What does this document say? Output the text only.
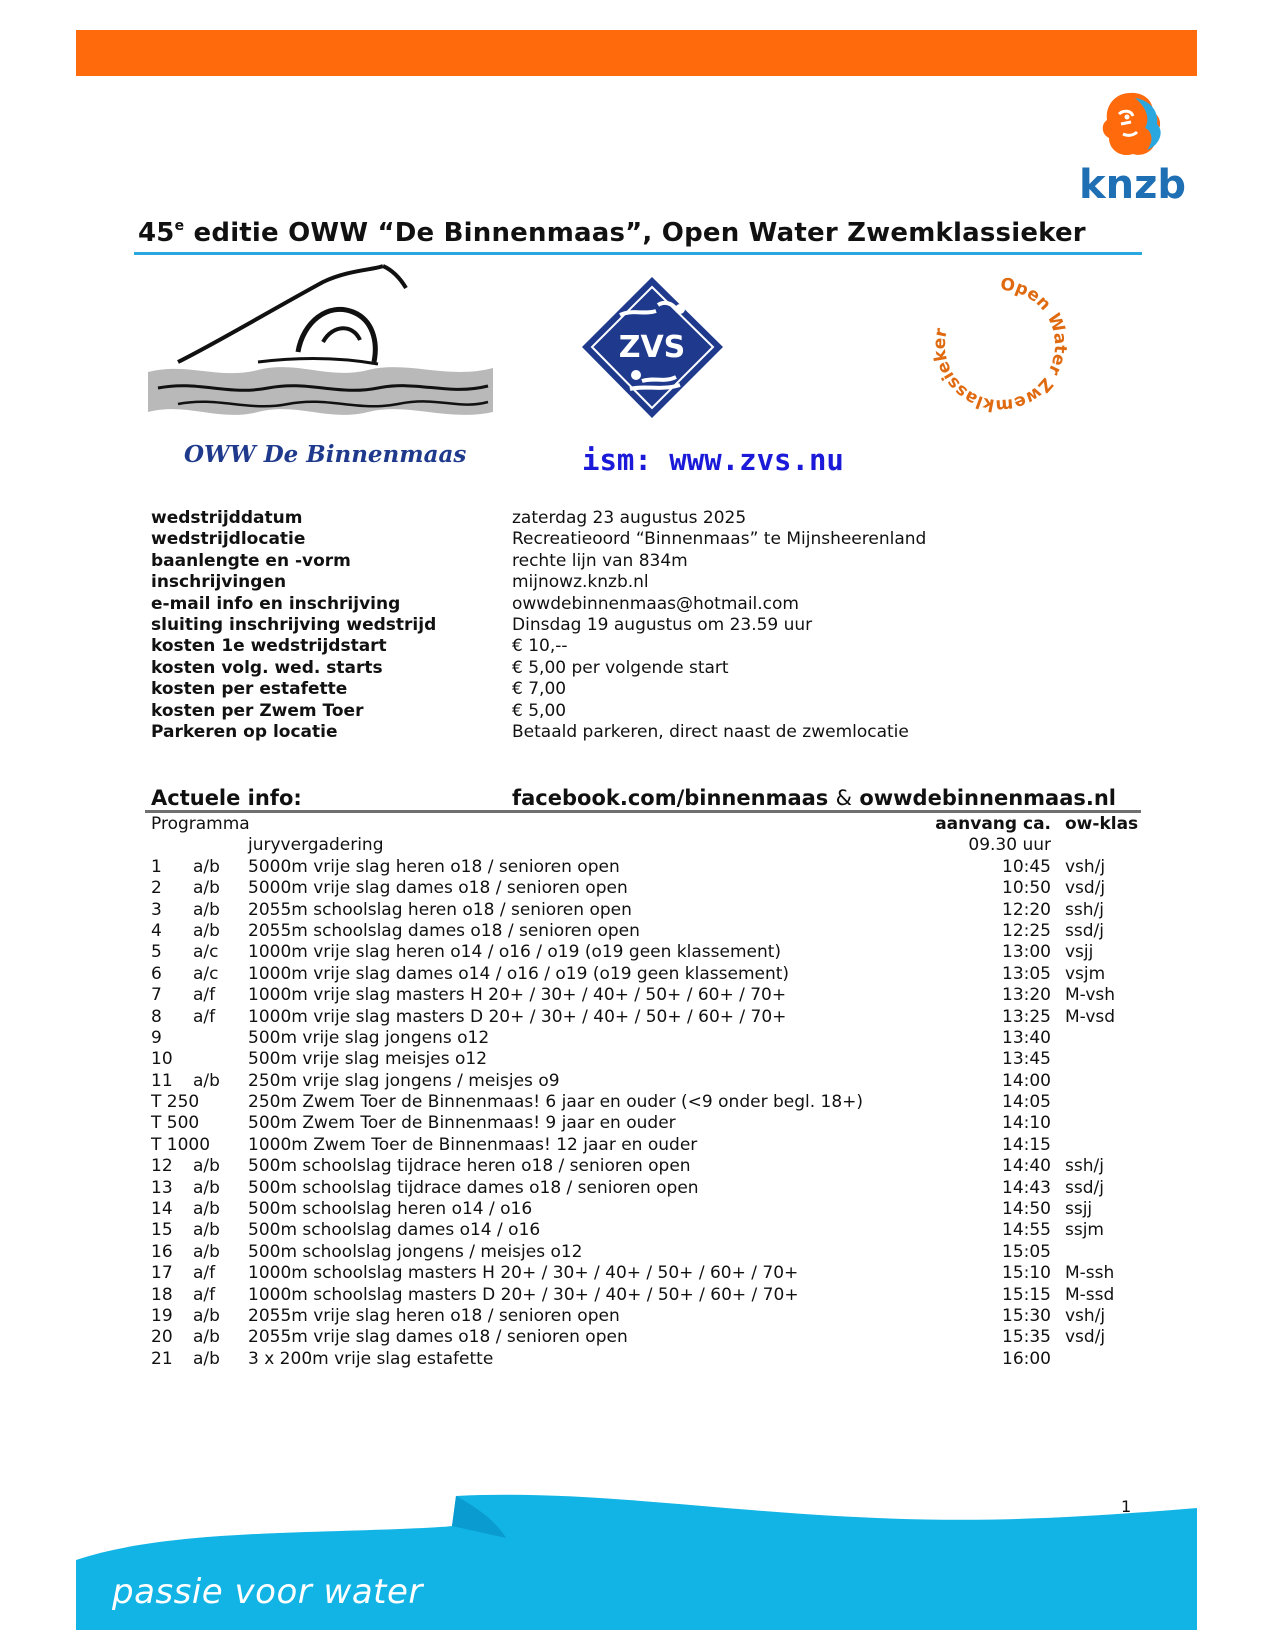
knzb
45e editie OWW “De Binnenmaas”, Open Water Zwemklassieker
OWW De Binnenmaas
ZVS
Open Water Zwemklassieker
ism: www.zvs.nu
wedstrijddatum	zaterdag 23 augustus 2025
wedstrijdlocatie	Recreatieoord “Binnenmaas” te Mijnsheerenland
baanlengte en -vorm	rechte lijn van 834m
inschrijvingen	mijnowz.knzb.nl
e-mail info en inschrijving	owwdebinnenmaas@hotmail.com
sluiting inschrijving wedstrijd	Dinsdag 19 augustus om 23.59 uur
kosten 1e wedstrijdstart	€ 10,--
kosten volg. wed. starts	€ 5,00 per volgende start
kosten per estafette	€ 7,00
kosten per Zwem Toer	€ 5,00
Parkeren op locatie	Betaald parkeren, direct naast de zwemlocatie
Actuele info:	facebook.com/binnenmaas & owwdebinnenmaas.nl
Programma	aanvang ca. ow-klas
juryvergadering	09.30 uur
1 a/b 5000m vrije slag heren o18 / senioren open	10:45 vsh/j
2 a/b 5000m vrije slag dames o18 / senioren open	10:50 vsd/j
3 a/b 2055m schoolslag heren o18 / senioren open	12:20 ssh/j
4 a/b 2055m schoolslag dames o18 / senioren open	12:25 ssd/j
5 a/c 1000m vrije slag heren o14 / o16 / o19 (o19 geen klassement)	13:00 vsjj
6 a/c 1000m vrije slag dames o14 / o16 / o19 (o19 geen klassement)	13:05 vsjm
7 a/f 1000m vrije slag masters H 20+ / 30+ / 40+ / 50+ / 60+ / 70+	13:20 M-vsh
8 a/f 1000m vrije slag masters D 20+ / 30+ / 40+ / 50+ / 60+ / 70+	13:25 M-vsd
9	500m vrije slag jongens o12	13:40
10	500m vrije slag meisjes o12	13:45
11 a/b 250m vrije slag jongens / meisjes o9	14:00
T 250	250m Zwem Toer de Binnenmaas! 6 jaar en ouder (<9 onder begl. 18+)	14:05
T 500	500m Zwem Toer de Binnenmaas! 9 jaar en ouder	14:10
T 1000 1000m Zwem Toer de Binnenmaas! 12 jaar en ouder	14:15
12 a/b 500m schoolslag tijdrace heren o18 / senioren open	14:40 ssh/j
13 a/b 500m schoolslag tijdrace dames o18 / senioren open	14:43 ssd/j
14 a/b 500m schoolslag heren o14 / o16	14:50 ssjj
15 a/b 500m schoolslag dames o14 / o16	14:55 ssjm
16 a/b 500m schoolslag jongens / meisjes o12	15:05
17 a/f 1000m schoolslag masters H 20+ / 30+ / 40+ / 50+ / 60+ / 70+	15:10 M-ssh
18 a/f 1000m schoolslag masters D 20+ / 30+ / 40+ / 50+ / 60+ / 70+	15:15 M-ssd
19 a/b 2055m vrije slag heren o18 / senioren open	15:30 vsh/j
20 a/b 2055m vrije slag dames o18 / senioren open	15:35 vsd/j
21 a/b 3 x 200m vrije slag estafette	16:00
1
passie voor water
